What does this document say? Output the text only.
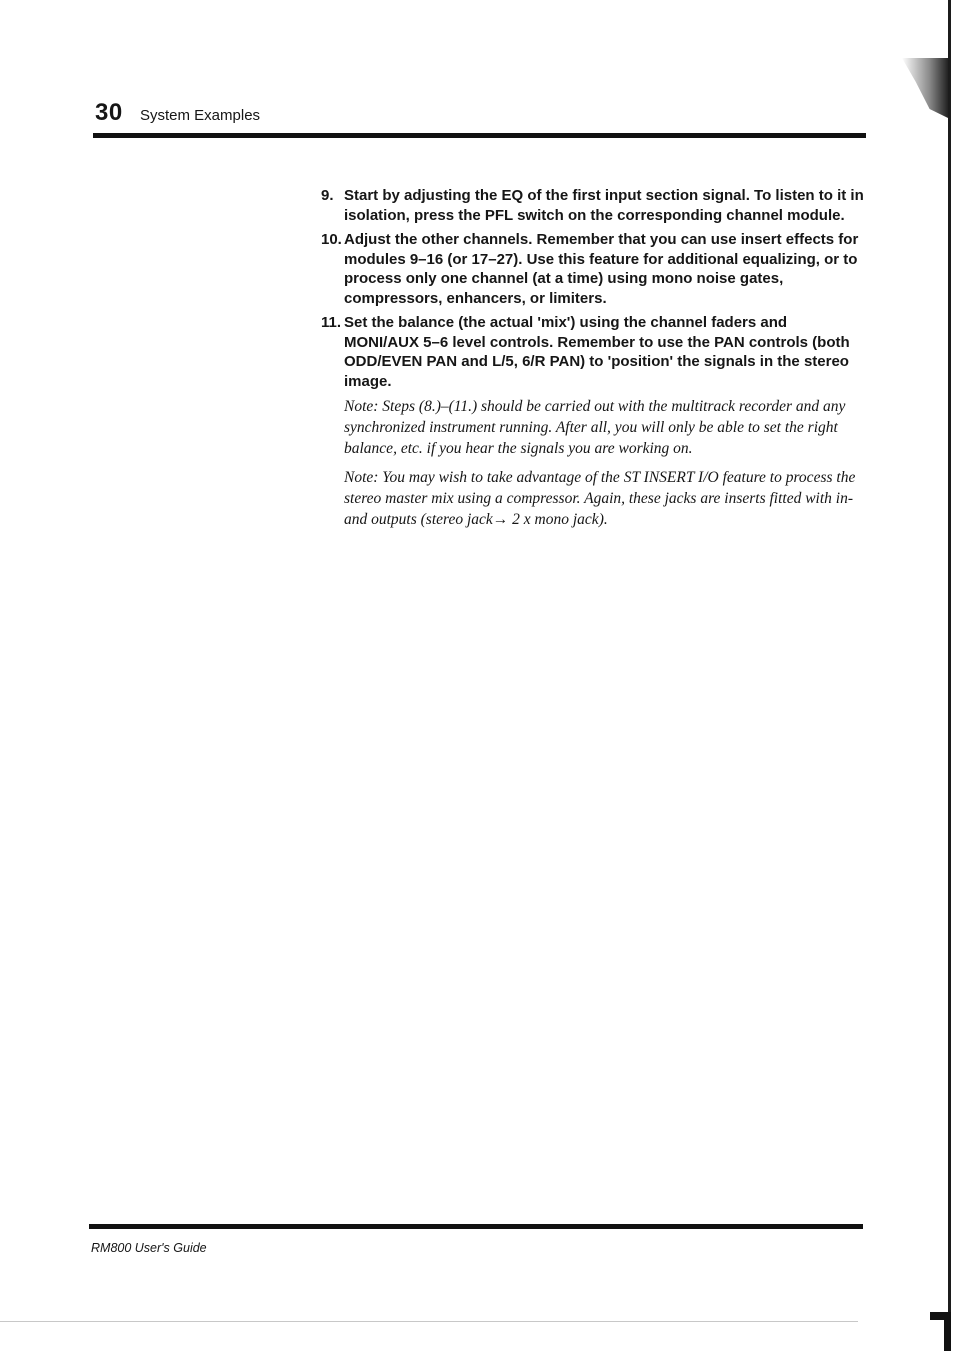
30 System Examples
9. Start by adjusting the EQ of the first input section signal. To listen to it in isolation, press the PFL switch on the corresponding channel module.
10. Adjust the other channels. Remember that you can use insert effects for modules 9–16 (or 17–27). Use this feature for additional equalizing, or to process only one channel (at a time) using mono noise gates, compressors, enhancers, or limiters.
11. Set the balance (the actual 'mix') using the channel faders and MONI/AUX 5–6 level controls. Remember to use the PAN controls (both ODD/EVEN PAN and L/5, 6/R PAN) to 'position' the signals in the stereo image.
Note: Steps (8.)–(11.) should be carried out with the multitrack recorder and any synchronized instrument running. After all, you will only be able to set the right balance, etc. if you hear the signals you are working on.
Note: You may wish to take advantage of the ST INSERT I/O feature to process the stereo master mix using a compressor. Again, these jacks are inserts fitted with in- and outputs (stereo jack→ 2 x mono jack).
RM800 User's Guide
